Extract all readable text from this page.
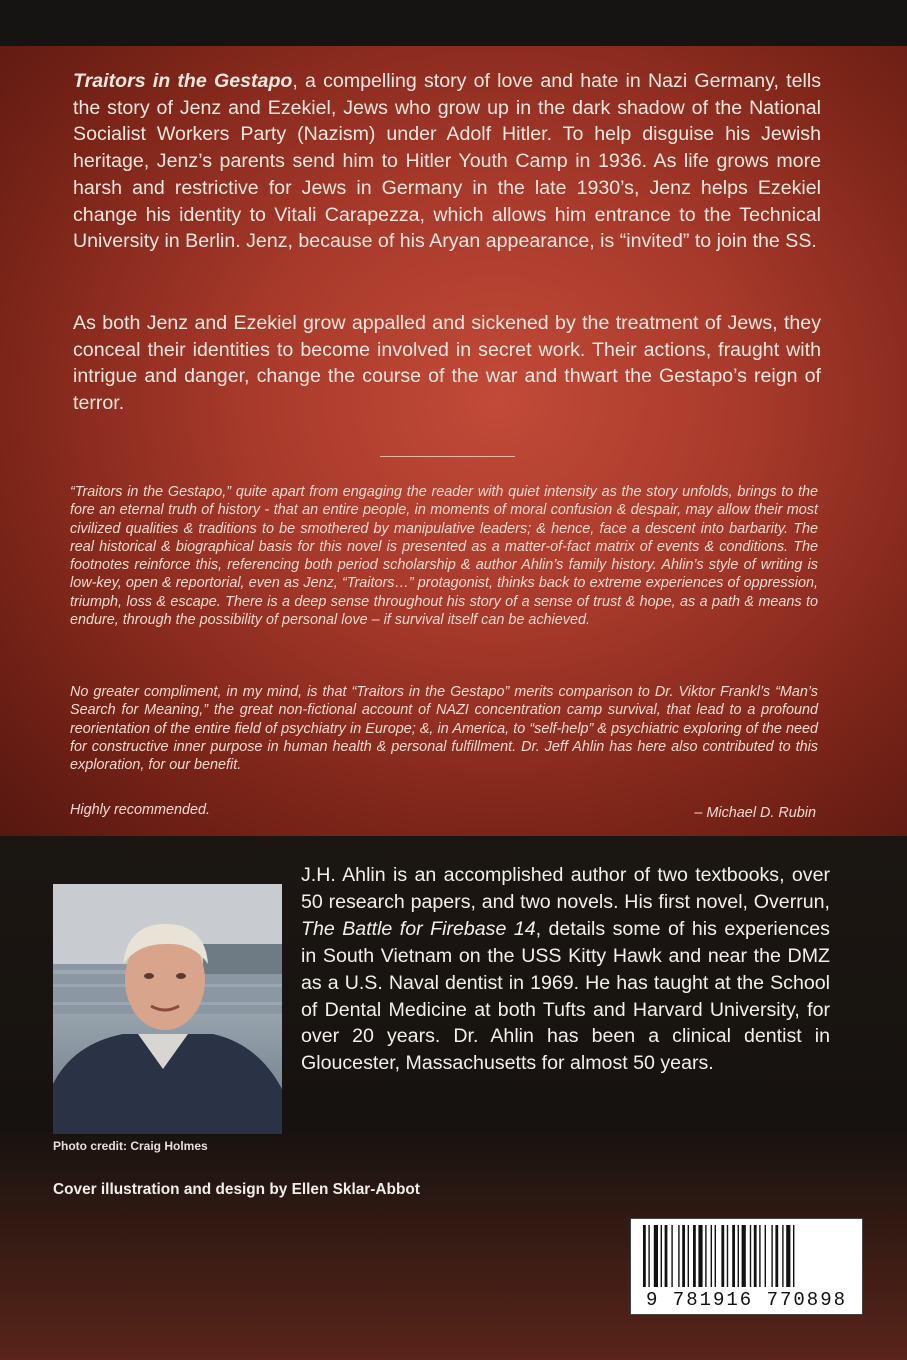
Traitors in the Gestapo, a compelling story of love and hate in Nazi Germany, tells the story of Jenz and Ezekiel, Jews who grow up in the dark shadow of the National Socialist Workers Party (Nazism) under Adolf Hitler. To help disguise his Jewish heritage, Jenz’s parents send him to Hitler Youth Camp in 1936. As life grows more harsh and restrictive for Jews in Germany in the late 1930’s, Jenz helps Ezekiel change his identity to Vitali Carapezza, which allows him entrance to the Technical University in Berlin. Jenz, because of his Aryan appearance, is “invited” to join the SS.

As both Jenz and Ezekiel grow appalled and sickened by the treatment of Jews, they conceal their identities to become involved in secret work. Their actions, fraught with intrigue and danger, change the course of the war and thwart the Gestapo’s reign of terror.

“Traitors in the Gestapo,” quite apart from engaging the reader with quiet intensity as the story unfolds, brings to the fore an eternal truth of history - that an entire people, in moments of moral confusion & despair, may allow their most civilized qualities & traditions to be smothered by manipulative leaders; & hence, face a descent into barbarity. The real historical & biographical basis for this novel is presented as a matter-of-fact matrix of events & conditions. The footnotes reinforce this, referencing both period scholarship & author Ahlin’s family history. Ahlin’s style of writing is low-key, open & reportorial, even as Jenz, “Traitors…” protagonist, thinks back to extreme experiences of oppression, triumph, loss & escape. There is a deep sense throughout his story of a sense of trust & hope, as a path & means to endure, through the possibility of personal love – if survival itself can be achieved.

No greater compliment, in my mind, is that “Traitors in the Gestapo” merits comparison to Dr. Viktor Frankl’s “Man’s Search for Meaning,” the great non-fictional account of NAZI concentration camp survival, that lead to a profound reorientation of the entire field of psychiatry in Europe; &, in America, to “self-help” & psychiatric exploring of the need for constructive inner purpose in human health & personal fulfillment. Dr. Jeff Ahlin has here also contributed to this exploration, for our benefit.

Highly recommended.	– Michael D. Rubin

Photo credit: Craig Holmes

J.H. Ahlin is an accomplished author of two textbooks, over 50 research papers, and two novels. His first novel, Overrun, The Battle for Firebase 14, details some of his experiences in South Vietnam on the USS Kitty Hawk and near the DMZ as a U.S. Naval dentist in 1969. He has taught at the School of Dental Medicine at both Tufts and Harvard University, for over 20 years. Dr. Ahlin has been a clinical dentist in Gloucester, Massachusetts for almost 50 years.

Cover illustration and design by Ellen Sklar-Abbot

9 781916 770898
